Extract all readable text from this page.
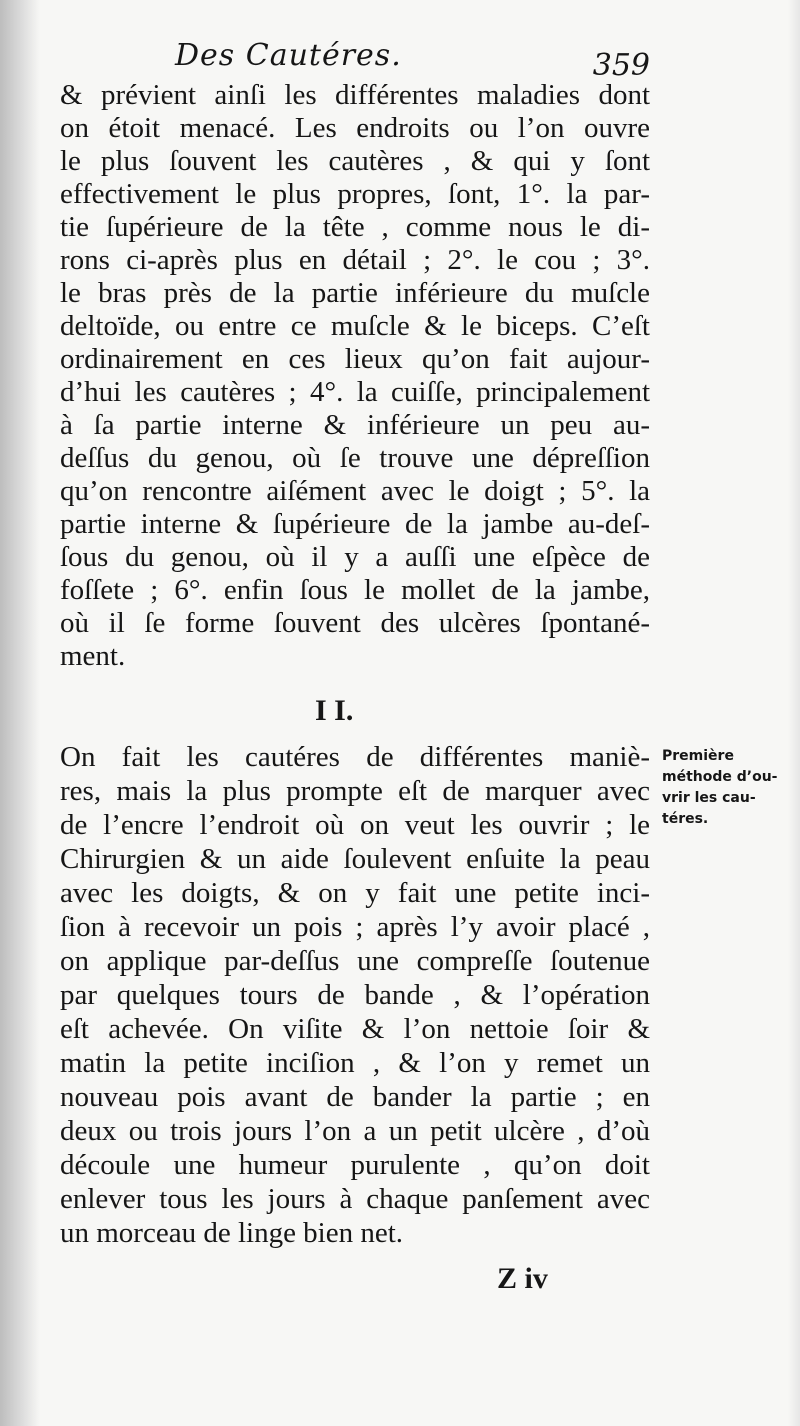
Des Cautéres.	359
& prévient ainſi les différentes maladies dont
on étoit menacé. Les endroits ou l’on ouvre
le plus ſouvent les cautères , & qui y ſont
effectivement le plus propres, ſont, 1°. la par-
tie ſupérieure de la tête , comme nous le di-
rons ci-après plus en détail ; 2°. le cou ; 3°.
le bras près de la partie inférieure du muſcle
deltoïde, ou entre ce muſcle & le biceps. C’eſt
ordinairement en ces lieux qu’on fait aujour-
d’hui les cautères ; 4°. la cuiſſe, principalement
à ſa partie interne & inférieure un peu au-
deſſus du genou, où ſe trouve une dépreſſion
qu’on rencontre aiſément avec le doigt ; 5°. la
partie interne & ſupérieure de la jambe au-deſ-
ſous du genou, où il y a auſſi une eſpèce de
foſſete ; 6°. enfin ſous le mollet de la jambe,
où il ſe forme ſouvent des ulcères ſpontané-
ment.
I I.
On fait les cautéres de différentes maniè-
res, mais la plus prompte eſt de marquer avec
de l’encre l’endroit où on veut les ouvrir ; le
Chirurgien & un aide ſoulevent enſuite la peau
avec les doigts, & on y fait une petite inci-
ſion à recevoir un pois ; après l’y avoir placé ,
on applique par-deſſus une compreſſe ſoutenue
par quelques tours de bande , & l’opération
eſt achevée. On viſite & l’on nettoie ſoir &
matin la petite inciſion , & l’on y remet un
nouveau pois avant de bander la partie ; en
deux ou trois jours l’on a un petit ulcère , d’où
découle une humeur purulente , qu’on doit
enlever tous les jours à chaque panſement avec
un morceau de linge bien net.
Première
méthode d’ou-
vrir les cau-
téres.
Z iv
